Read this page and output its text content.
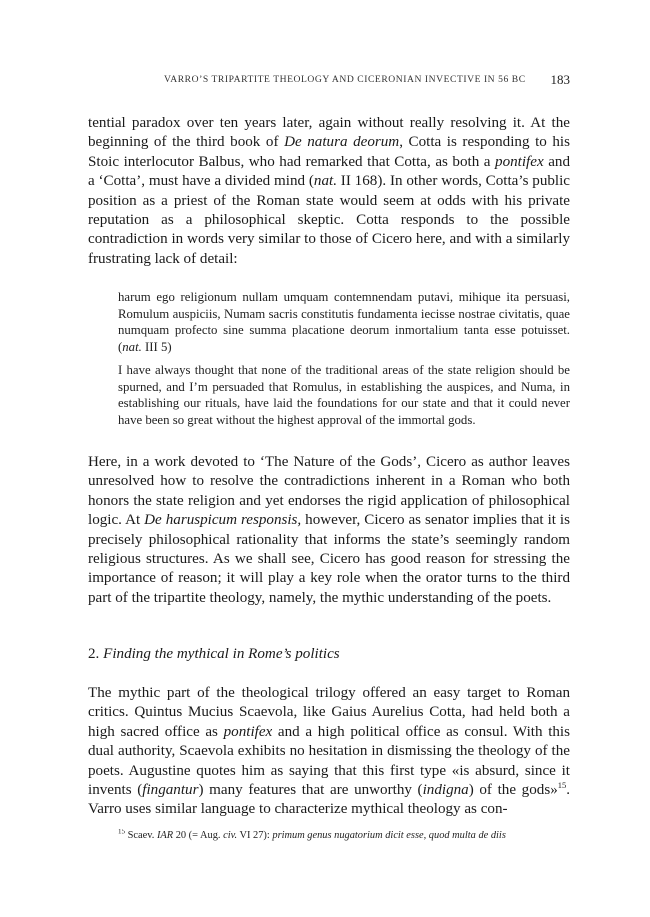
VARRO’S TRIPARTITE THEOLOGY AND CICERONIAN INVECTIVE IN 56 BC	183

tential paradox over ten years later, again without really resolving it. At the beginning of the third book of De natura deorum, Cotta is responding to his Stoic interlocutor Balbus, who had remarked that Cotta, as both a pontifex and a ‘Cotta’, must have a divided mind (nat. II 168). In other words, Cotta’s public position as a priest of the Roman state would seem at odds with his private reputation as a philosophical skeptic. Cotta responds to the possible contradiction in words very similar to those of Cicero here, and with a similarly frustrating lack of detail:

harum ego religionum nullam umquam contemnendam putavi, mihique ita persuasi, Romulum auspiciis, Numam sacris constitutis fundamenta iecisse nostrae civitatis, quae numquam profecto sine summa placatione deorum inmortalium tanta esse potuisset. (nat. III 5)

I have always thought that none of the traditional areas of the state religion should be spurned, and I’m persuaded that Romulus, in establishing the auspices, and Numa, in establishing our rituals, have laid the foundations for our state and that it could never have been so great without the highest approval of the immortal gods.

Here, in a work devoted to ‘The Nature of the Gods’, Cicero as author leaves unresolved how to resolve the contradictions inherent in a Roman who both honors the state religion and yet endorses the rigid application of philosophical logic. At De haruspicum responsis, however, Cicero as senator implies that it is precisely philosophical rationality that informs the state’s seemingly random religious structures. As we shall see, Cicero has good reason for stressing the importance of reason; it will play a key role when the orator turns to the third part of the tripartite theology, namely, the mythic understanding of the poets.

2. Finding the mythical in Rome’s politics

The mythic part of the theological trilogy offered an easy target to Roman critics. Quintus Mucius Scaevola, like Gaius Aurelius Cotta, had held both a high sacred office as pontifex and a high political office as consul. With this dual authority, Scaevola exhibits no hesitation in dismissing the theology of the poets. Augustine quotes him as saying that this first type «is absurd, since it invents (fingantur) many features that are unworthy (indigna) of the gods»$^{15}$. Varro uses similar language to characterize mythical theology as con-

$^{15}$ Scaev. IAR 20 (= Aug. civ. VI 27): primum genus nugatorium dicit esse, quod multa de diis
